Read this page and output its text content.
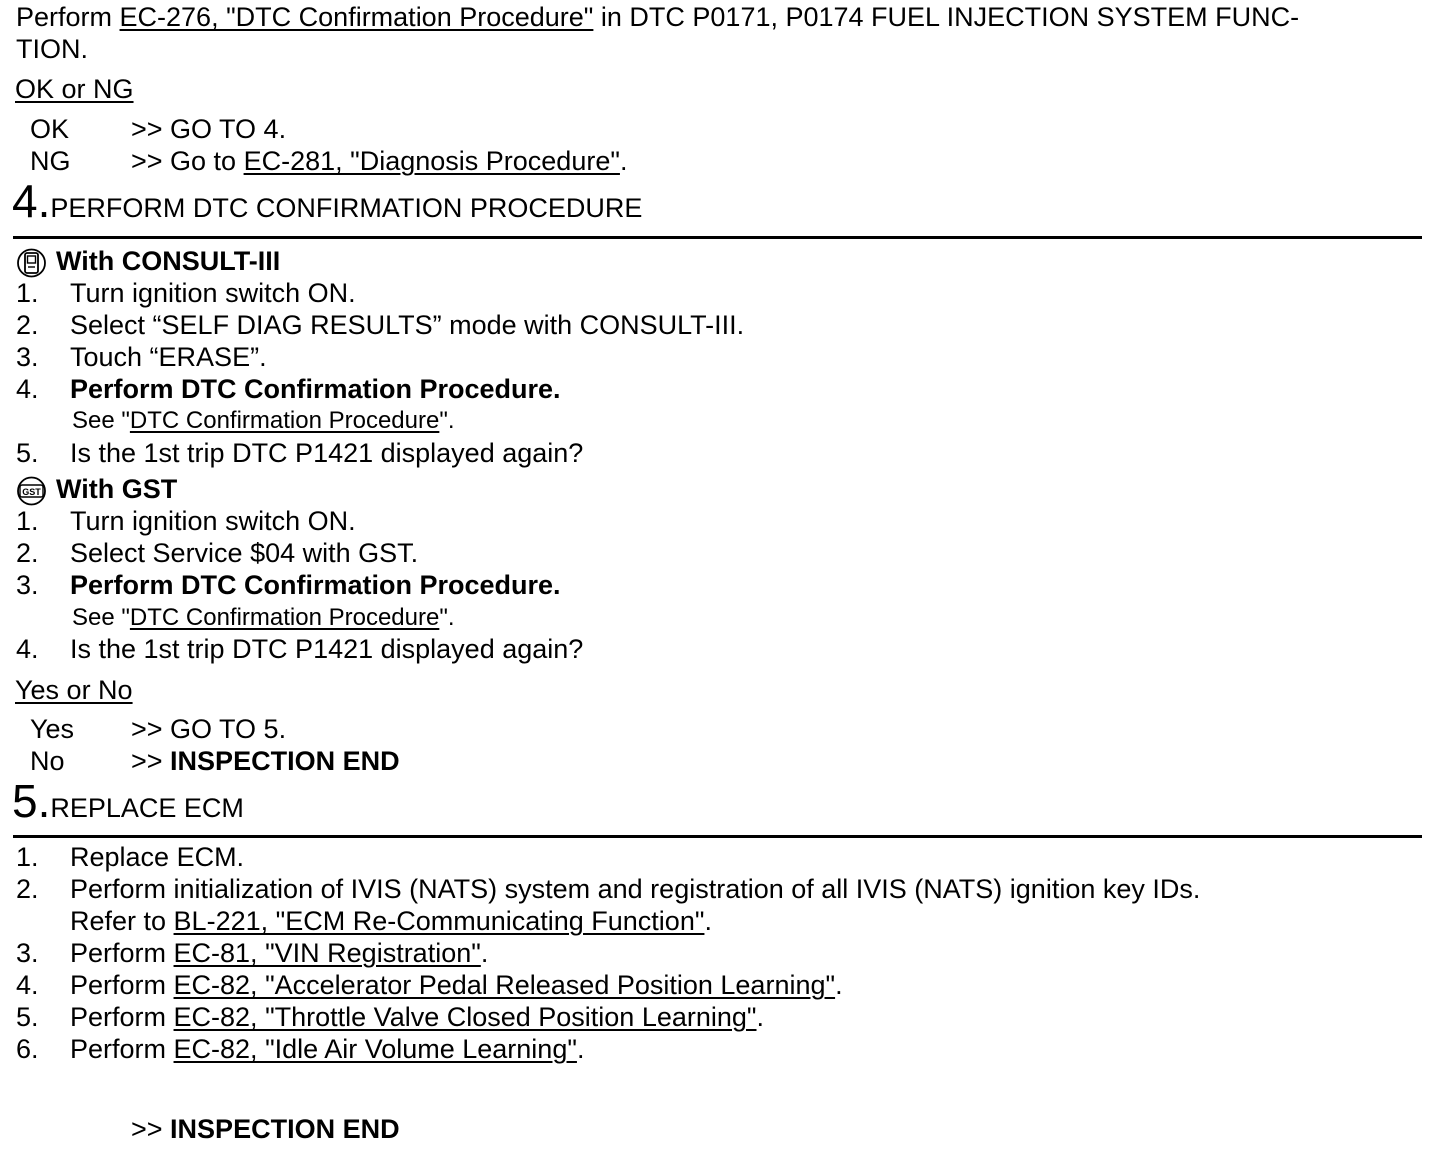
Perform EC-276, "DTC Confirmation Procedure" in DTC P0171, P0174 FUEL INJECTION SYSTEM FUNC-
TION.
OK or NG
OK >> GO TO 4.
NG >> Go to EC-281, "Diagnosis Procedure".
4.PERFORM DTC CONFIRMATION PROCEDURE
With CONSULT-III
1. Turn ignition switch ON.
2. Select “SELF DIAG RESULTS” mode with CONSULT-III.
3. Touch “ERASE”.
4. Perform DTC Confirmation Procedure.
See "DTC Confirmation Procedure".
5. Is the 1st trip DTC P1421 displayed again?
GST With GST
1. Turn ignition switch ON.
2. Select Service $04 with GST.
3. Perform DTC Confirmation Procedure.
See "DTC Confirmation Procedure".
4. Is the 1st trip DTC P1421 displayed again?
Yes or No
Yes >> GO TO 5.
No >> INSPECTION END
5.REPLACE ECM
1. Replace ECM.
2. Perform initialization of IVIS (NATS) system and registration of all IVIS (NATS) ignition key IDs.
Refer to BL-221, "ECM Re-Communicating Function".
3. Perform EC-81, "VIN Registration".
4. Perform EC-82, "Accelerator Pedal Released Position Learning".
5. Perform EC-82, "Throttle Valve Closed Position Learning".
6. Perform EC-82, "Idle Air Volume Learning".
>> INSPECTION END
